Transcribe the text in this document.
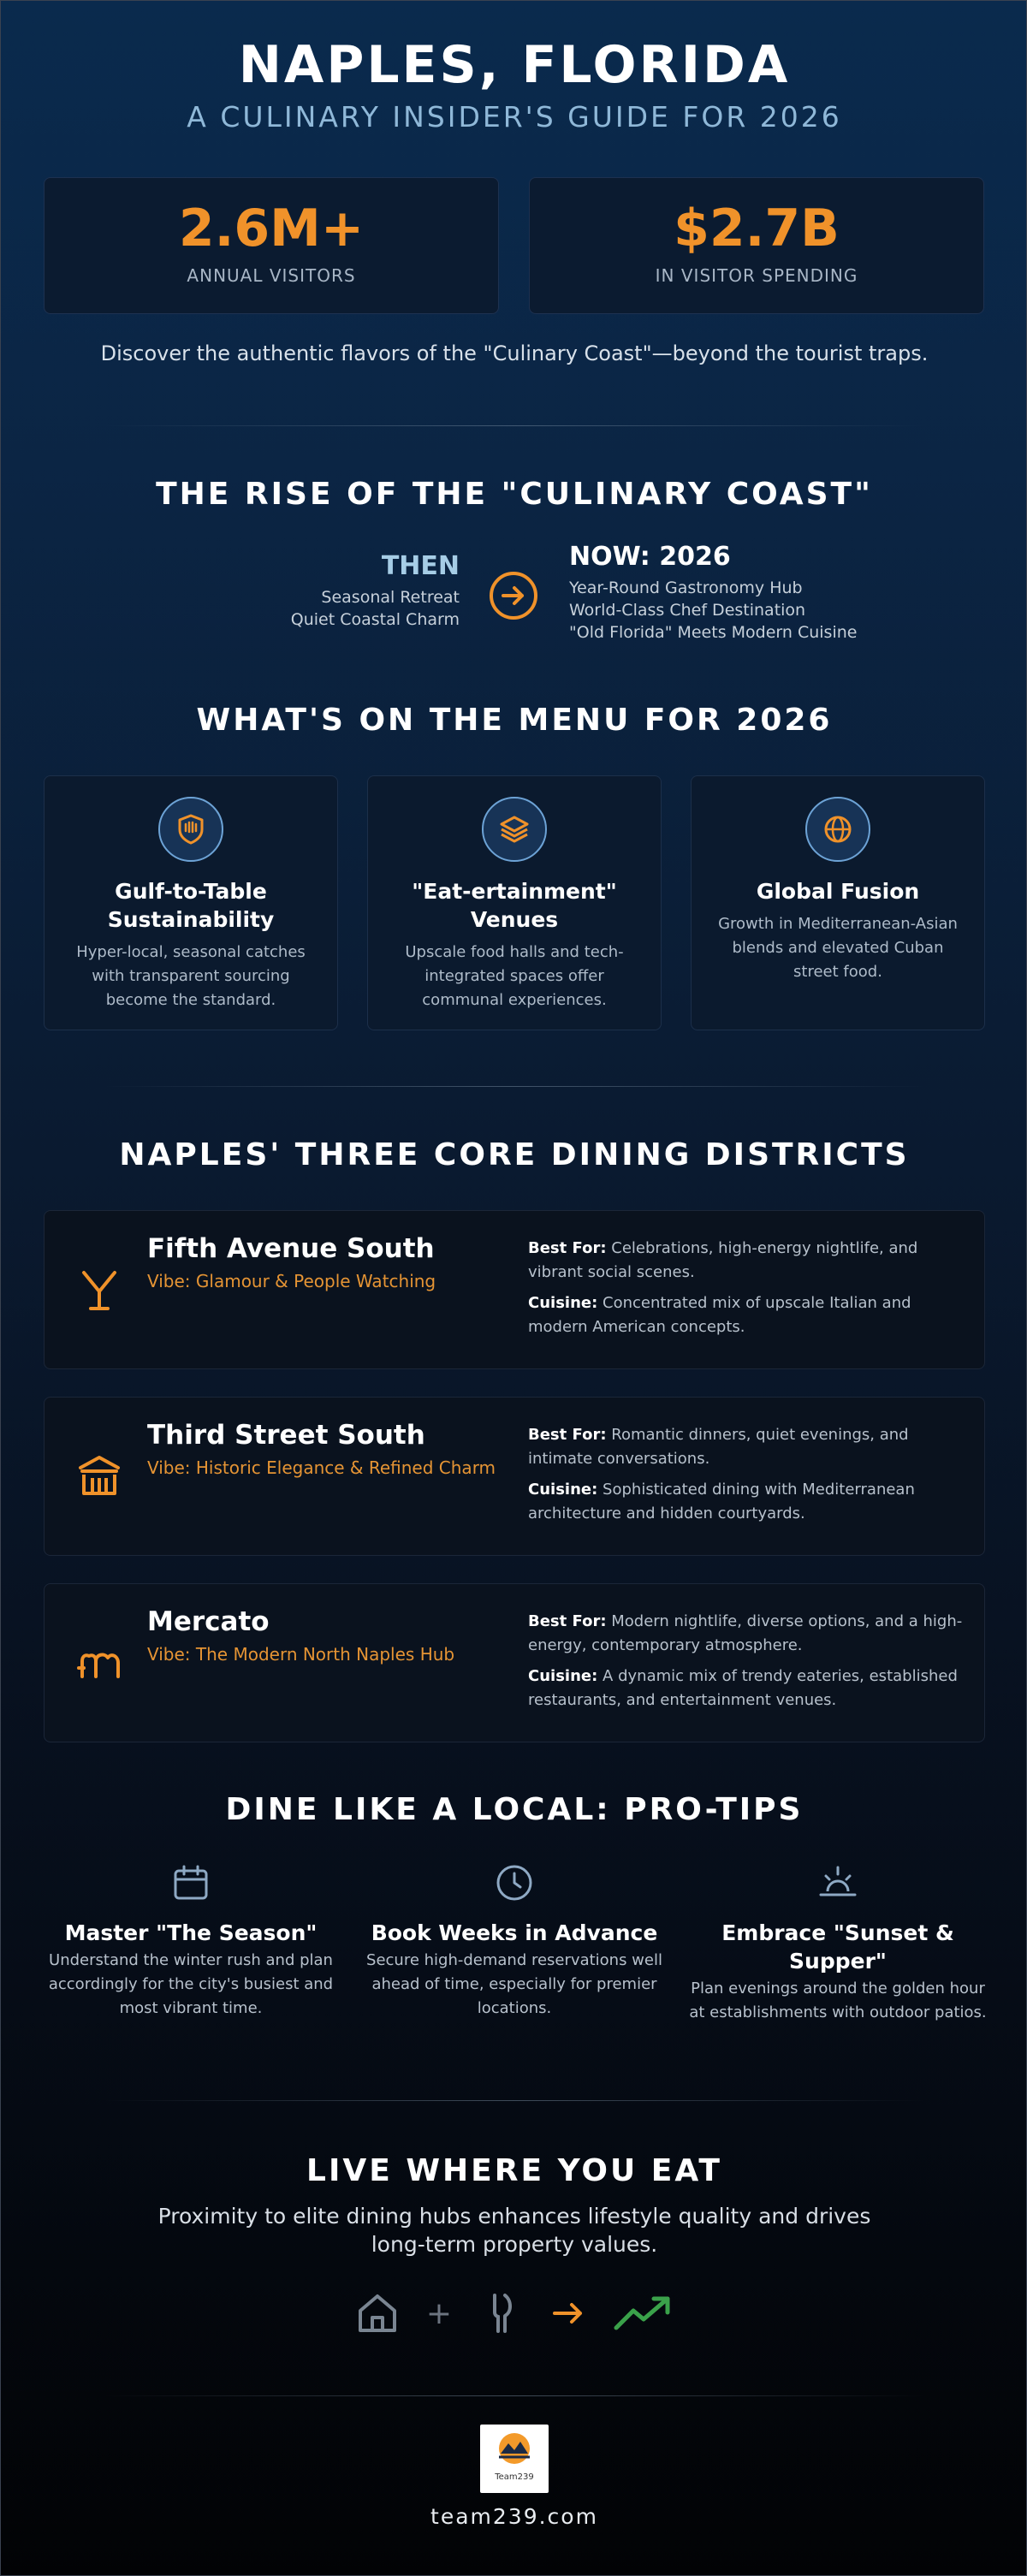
NAPLES, FLORIDA
A CULINARY INSIDER'S GUIDE FOR 2026
2.6M+
ANNUAL VISITORS
$2.7B
IN VISITOR SPENDING
Discover the authentic flavors of the "Culinary Coast"—beyond the tourist traps.
THE RISE OF THE "CULINARY COAST"
THEN
Seasonal Retreat
Quiet Coastal Charm
NOW: 2026
Year-Round Gastronomy Hub
World-Class Chef Destination
"Old Florida" Meets Modern Cuisine
WHAT'S ON THE MENU FOR 2026
Gulf-to-Table Sustainability

Hyper-local, seasonal catches with transparent sourcing become the standard.

"Eat-ertainment" Venues

Upscale food halls and tech-integrated spaces offer communal experiences.

Global Fusion

Growth in Mediterranean-Asian blends and elevated Cuban street food.

NAPLES' THREE CORE DINING DISTRICTS
Fifth Avenue South
Vibe: Glamour & People Watching

Best For: Celebrations, high-energy nightlife, and vibrant social scenes.

Cuisine: Concentrated mix of upscale Italian and modern American concepts.

Third Street South
Vibe: Historic Elegance & Refined Charm

Best For: Romantic dinners, quiet evenings, and intimate conversations.

Cuisine: Sophisticated dining with Mediterranean architecture and hidden courtyards.

Mercato
Vibe: The Modern North Naples Hub

Best For: Modern nightlife, diverse options, and a high-energy, contemporary atmosphere.

Cuisine: A dynamic mix of trendy eateries, established restaurants, and entertainment venues.

DINE LIKE A LOCAL: PRO-TIPS
Master "The Season"

Understand the winter rush and plan accordingly for the city's busiest and most vibrant time.

Book Weeks in Advance

Secure high-demand reservations well ahead of time, especially for premier locations.

Embrace "Sunset & Supper"

Plan evenings around the golden hour at establishments with outdoor patios.

LIVE WHERE YOU EAT
Proximity to elite dining hubs enhances lifestyle quality and drives long-term property values.
+
Team239
team239.com
